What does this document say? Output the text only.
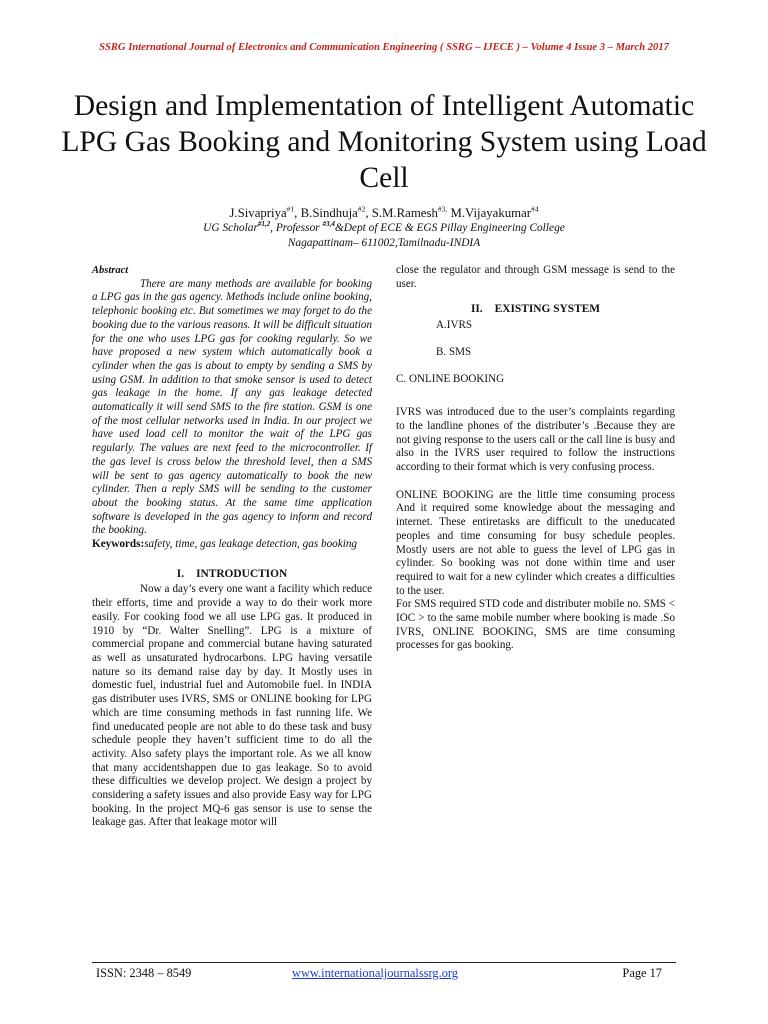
SSRG International Journal of Electronics and Communication Engineering ( SSRG – IJECE ) – Volume 4 Issue 3 – March 2017
Design and Implementation of Intelligent Automatic LPG Gas Booking and Monitoring System using Load Cell
J.Sivapriya$^{\#1}$, B.Sindhuja$^{\#2}$, S.M.Ramesh$^{\#3,}$ M.Vijayakumar$^{\#4}$
UG Scholar$^{\#1,2}$, Professor $^{\#3,4}$&Dept of ECE & EGS Pillay Engineering College
Nagapattinam– 611002,Tamilnadu-INDIA

Abstract

There are many methods are available for booking a LPG gas in the gas agency. Methods include online booking, telephonic booking etc. But sometimes we may forget to do the booking due to the various reasons. It will be difficult situation for the one who uses LPG gas for cooking regularly. So we have proposed a new system which automatically book a cylinder when the gas is about to empty by sending a SMS by using GSM. In addition to that smoke sensor is used to detect gas leakage in the home. If any gas leakage detected automatically it will send SMS to the fire station. GSM is one of the most cellular networks used in India. In our project we have used load cell to monitor the wait of the LPG gas regularly. The values are next feed to the microcontroller. If the gas level is cross below the threshold level, then a SMS will be sent to gas agency automatically to book the new cylinder. Then a reply SMS will be sending to the customer about the booking status. At the same time application software is developed in the gas agency to inform and record the booking.

Keywords:safety, time, gas leakage detection, gas booking

I. INTRODUCTION

Now a day’s every one want a facility which reduce their efforts, time and provide a way to do their work more easily. For cooking food we all use LPG gas. It produced in 1910 by “Dr. Walter Snelling”. LPG is a mixture of commercial propane and commercial butane having saturated as well as unsaturated hydrocarbons. LPG having versatile nature so its demand raise day by day. It Mostly uses in domestic fuel, industrial fuel and Automobile fuel. In INDIA gas distributer uses IVRS, SMS or ONLINE booking for LPG which are time consuming methods in fast running life. We find uneducated people are not able to do these task and busy schedule people they haven’t sufficient time to do all the activity. Also safety plays the important role. As we all know that many accidentshappen due to gas leakage. So to avoid these difficulties we develop project. We design a project by considering a safety issues and also provide Easy way for LPG booking. In the project MQ-6 gas sensor is use to sense the leakage gas. After that leakage motor will

close the regulator and through GSM message is send to the user.

II. EXISTING SYSTEM

A.IVRS

B. SMS

C. ONLINE BOOKING

IVRS was introduced due to the user’s complaints regarding to the landline phones of the distributer’s .Because they are not giving response to the users call or the call line is busy and also in the IVRS user required to follow the instructions according to their format which is very confusing process.

ONLINE BOOKING are the little time consuming process And it required some knowledge about the messaging and internet. These entiretasks are difficult to the uneducated peoples and time consuming for busy schedule peoples. Mostly users are not able to guess the level of LPG gas in cylinder. So booking was not done within time and user required to wait for a new cylinder which creates a difficulties to the user.

For SMS required STD code and distributer mobile no. SMS < IOC > to the same mobile number where booking is made .So IVRS, ONLINE BOOKING, SMS are time consuming processes for gas booking.

ISSN: 2348 – 8549	www.internationaljournalssrg.org	Page 17
